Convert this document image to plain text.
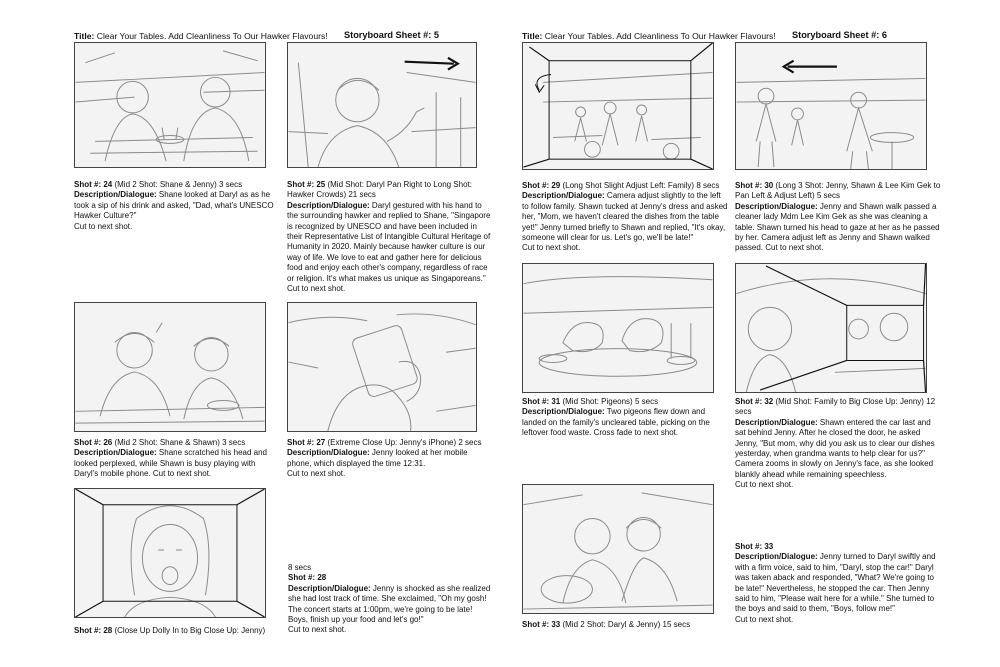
Title: Clear Your Tables. Add Cleanliness To Our Hawker Flavours! Storyboard Sheet #: 5

Shot #: 24 (Mid 2 Shot: Shane & Jenny) 3 secs

Description/Dialogue: Shane looked at Daryl as as he took a sip of his drink and asked, "Dad, what's UNESCO Hawker Culture?"

Cut to next shot.

Shot #: 25 (Mid Shot: Daryl Pan Right to Long Shot: Hawker Crowds) 21 secs

Description/Dialogue: Daryl gestured with his hand to the surrounding hawker and replied to Shane, "Singapore is recognized by UNESCO and have been included in their Representative List of Intangible Cultural Heritage of Humanity in 2020. Mainly because hawker culture is our way of life. We love to eat and gather here for delicious food and enjoy each other's company, regardless of race or religion. It's what makes us unique as Singaporeans."

Cut to next shot.

Shot #: 26 (Mid 2 Shot: Shane & Shawn) 3 secs

Description/Dialogue: Shane scratched his head and looked perplexed, while Shawn is busy playing with Daryl's mobile phone. Cut to next shot.

Shot #: 27 (Extreme Close Up: Jenny's iPhone) 2 secs

Description/Dialogue: Jenny looked at her mobile phone, which displayed the time 12:31.

Cut to next shot.

Shot #: 28 (Close Up Dolly In to Big Close Up: Jenny)

8 secs

Shot #: 28

Description/Dialogue: Jenny is shocked as she realized she had lost track of time. She exclaimed, "Oh my gosh! The concert starts at 1:00pm, we're going to be late! Boys, finish up your food and let's go!"

Cut to next shot.

Title: Clear Your Tables. Add Cleanliness To Our Hawker Flavours! Storyboard Sheet #: 6

Shot #: 29 (Long Shot Slight Adjust Left: Family) 8 secs

Description/Dialogue: Camera adjust slightly to the left to follow family. Shawn tucked at Jenny's dress and asked her, "Mom, we haven't cleared the dishes from the table yet!" Jenny turned briefly to Shawn and replied, "It's okay, someone will clear for us. Let's go, we'll be late!"

Cut to next shot.

Shot #: 30 (Long 3 Shot: Jenny, Shawn & Lee Kim Gek to Pan Left & Adjust Left) 5 secs

Description/Dialogue: Jenny and Shawn walk passed a cleaner lady Mdm Lee Kim Gek as she was cleaning a table. Shawn turned his head to gaze at her as he passed by her. Camera adjust left as Jenny and Shawn walked passed. Cut to next shot.

Shot #: 31 (Mid Shot: Pigeons) 5 secs

Description/Dialogue: Two pigeons flew down and landed on the family's uncleared table, picking on the leftover food waste. Cross fade to next shot.

Shot #: 32 (Mid Shot: Family to Big Close Up: Jenny) 12 secs

Description/Dialogue: Shawn entered the car last and sat behind Jenny. After he closed the door, he asked Jenny, "But mom, why did you ask us to clear our dishes yesterday, when grandma wants to help clear for us?" Camera zooms in slowly on Jenny's face, as she looked blankly ahead while remaining speechless.

Cut to next shot.

Shot #: 33 (Mid 2 Shot: Daryl & Jenny) 15 secs

Shot #: 33

Description/Dialogue: Jenny turned to Daryl swiftly and with a firm voice, said to him, "Daryl, stop the car!" Daryl was taken aback and responded, "What? We're going to be late!" Nevertheless, he stopped the car. Then Jenny said to him, "Please wait here for a while." She turned to the boys and said to them, "Boys, follow me!"

Cut to next shot.
